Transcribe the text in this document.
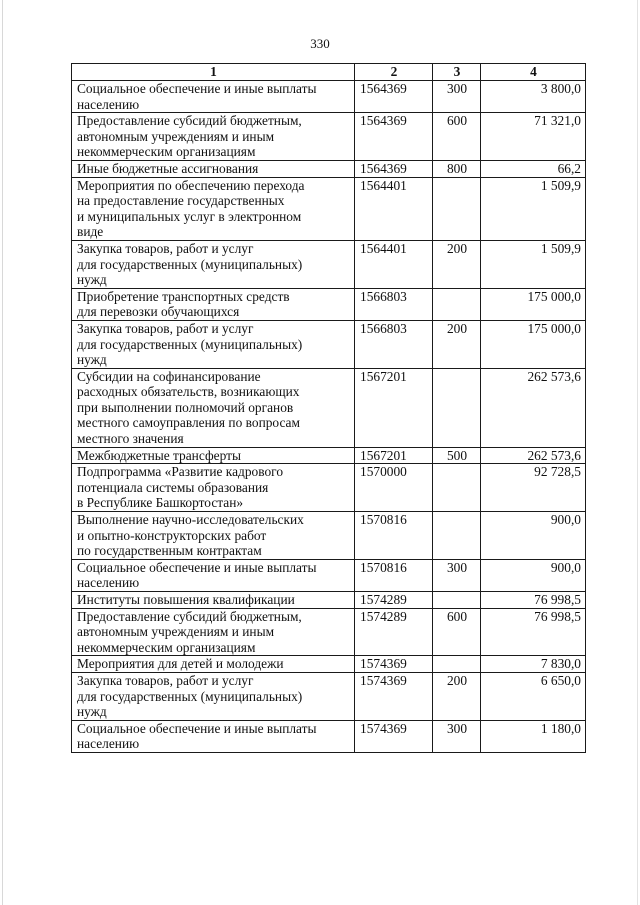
330
1	2	3	4
Социальное обеспечение и иные выплаты
населению	1564369	300	3 800,0
Предоставление субсидий бюджетным,
автономным учреждениям и иным
некоммерческим организациям	1564369	600	71 321,0
Иные бюджетные ассигнования	1564369	800	66,2
Мероприятия по обеспечению перехода
на предоставление государственных
и муниципальных услуг в электронном
виде	1564401		1 509,9
Закупка товаров, работ и услуг
для государственных (муниципальных)
нужд	1564401	200	1 509,9
Приобретение транспортных средств
для перевозки обучающихся	1566803		175 000,0
Закупка товаров, работ и услуг
для государственных (муниципальных)
нужд	1566803	200	175 000,0
Субсидии на софинансирование
расходных обязательств, возникающих
при выполнении полномочий органов
местного самоуправления по вопросам
местного значения	1567201		262 573,6
Межбюджетные трансферты	1567201	500	262 573,6
Подпрограмма «Развитие кадрового
потенциала системы образования
в Республике Башкортостан»	1570000		92 728,5
Выполнение научно-исследовательских
и опытно-конструкторских работ
по государственным контрактам	1570816		900,0
Социальное обеспечение и иные выплаты
населению	1570816	300	900,0
Институты повышения квалификации	1574289		76 998,5
Предоставление субсидий бюджетным,
автономным учреждениям и иным
некоммерческим организациям	1574289	600	76 998,5
Мероприятия для детей и молодежи	1574369		7 830,0
Закупка товаров, работ и услуг
для государственных (муниципальных)
нужд	1574369	200	6 650,0
Социальное обеспечение и иные выплаты
населению	1574369	300	1 180,0
